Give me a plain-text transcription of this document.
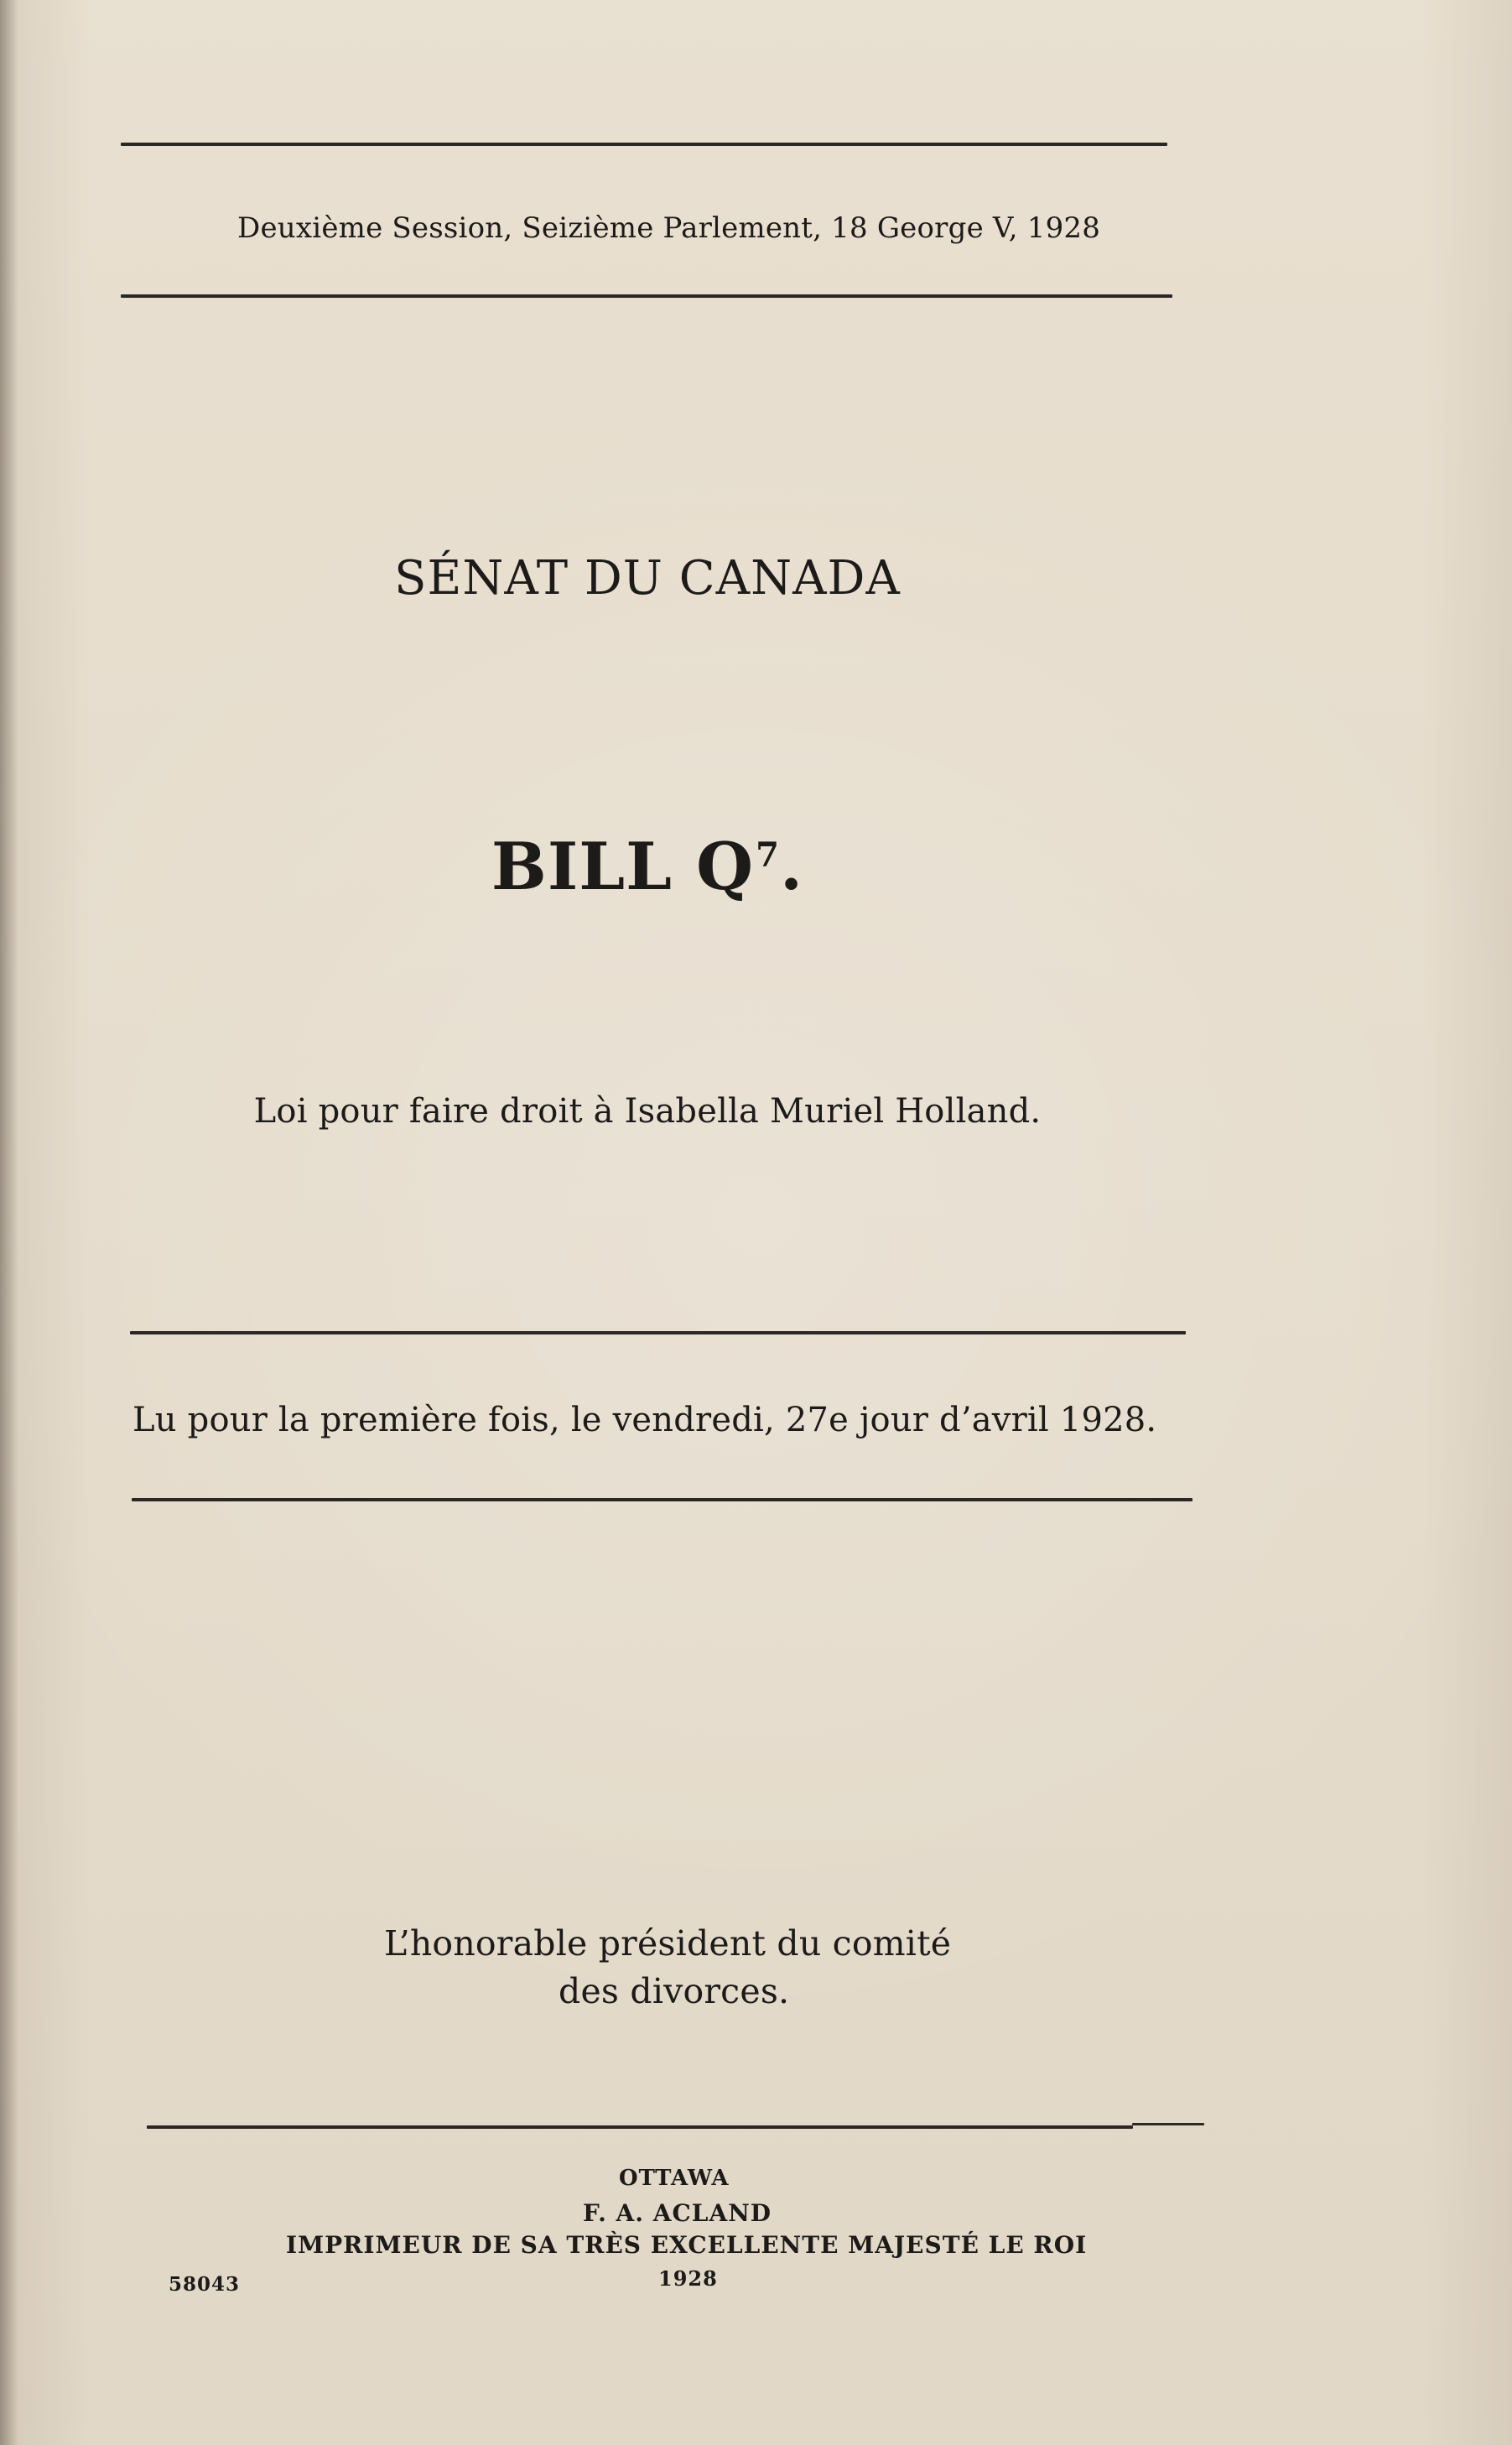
Deuxième Session, Seizième Parlement, 18 George V, 1928
SÉNAT DU CANADA
BILL $Q^7$.
Loi pour faire droit à Isabella Muriel Holland.
Lu pour la première fois, le vendredi, 27e jour d’avril 1928.
L’honorable président du comité
des divorces.
OTTAWA
F. A. ACLAND
IMPRIMEUR DE SA TRÈS EXCELLENTE MAJESTÉ LE ROI
1928
58043
